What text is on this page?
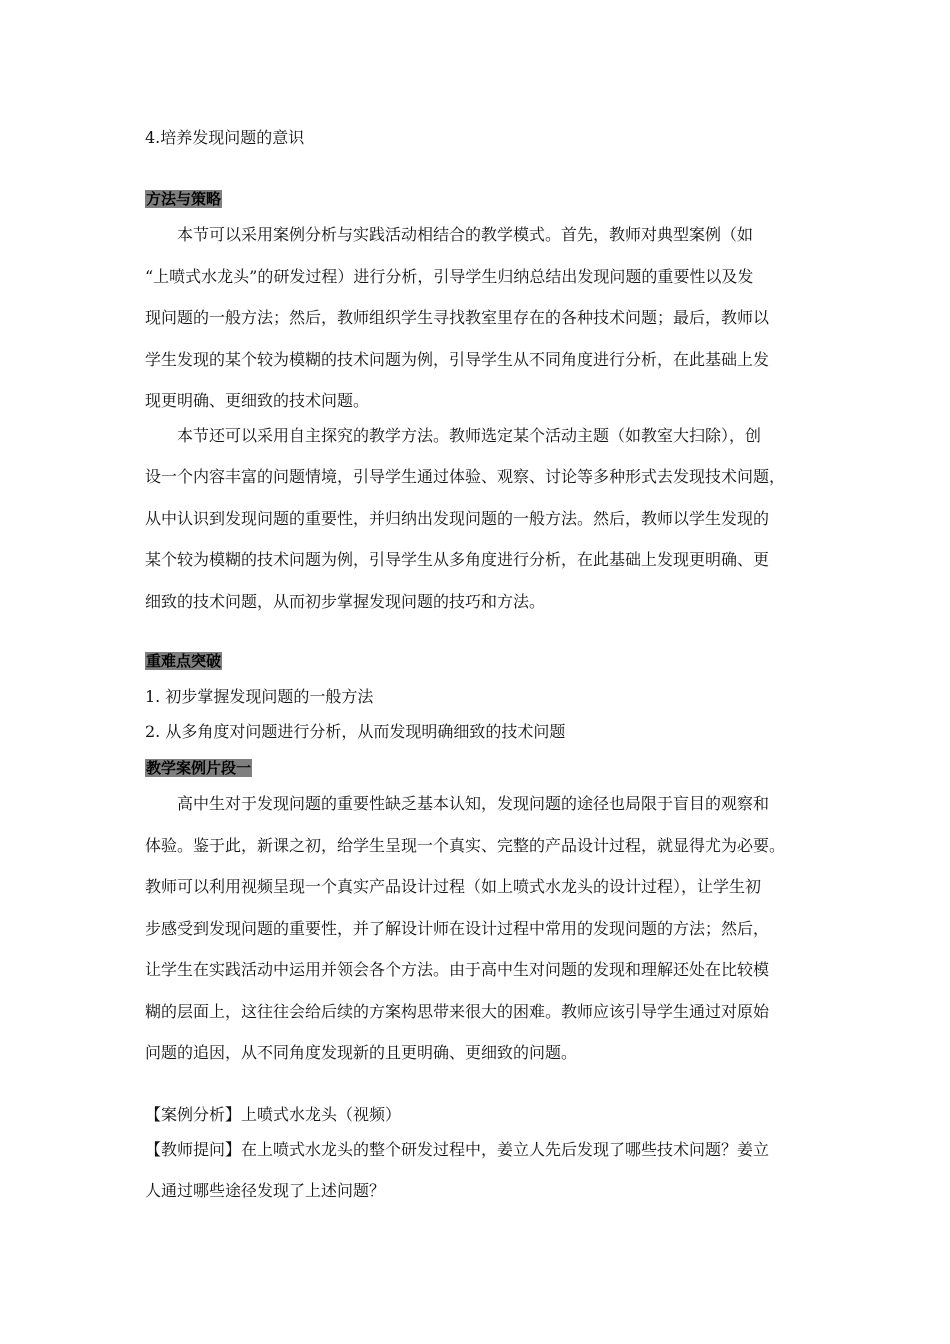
4.培养发现问题的意识
方法与策略
本节可以采用案例分析与实践活动相结合的教学模式。首先，教师对典型案例（如
“上喷式水龙头”的研发过程）进行分析，引导学生归纳总结出发现问题的重要性以及发
现问题的一般方法；然后，教师组织学生寻找教室里存在的各种技术问题；最后，教师以
学生发现的某个较为模糊的技术问题为例，引导学生从不同角度进行分析，在此基础上发
现更明确、更细致的技术问题。
本节还可以采用自主探究的教学方法。教师选定某个活动主题（如教室大扫除），创
设一个内容丰富的问题情境，引导学生通过体验、观察、讨论等多种形式去发现技术问题，
从中认识到发现问题的重要性，并归纳出发现问题的一般方法。然后，教师以学生发现的
某个较为模糊的技术问题为例，引导学生从多角度进行分析，在此基础上发现更明确、更
细致的技术问题，从而初步掌握发现问题的技巧和方法。
重难点突破
1. 初步掌握发现问题的一般方法
2. 从多角度对问题进行分析，从而发现明确细致的技术问题
教学案例片段一
高中生对于发现问题的重要性缺乏基本认知，发现问题的途径也局限于盲目的观察和
体验。鉴于此，新课之初，给学生呈现一个真实、完整的产品设计过程，就显得尤为必要。
教师可以利用视频呈现一个真实产品设计过程（如上喷式水龙头的设计过程），让学生初
步感受到发现问题的重要性，并了解设计师在设计过程中常用的发现问题的方法；然后，
让学生在实践活动中运用并领会各个方法。由于高中生对问题的发现和理解还处在比较模
糊的层面上，这往往会给后续的方案构思带来很大的困难。教师应该引导学生通过对原始
问题的追因，从不同角度发现新的且更明确、更细致的问题。
【案例分析】上喷式水龙头（视频）
【教师提问】在上喷式水龙头的整个研发过程中，姜立人先后发现了哪些技术问题？姜立
人通过哪些途径发现了上述问题？
